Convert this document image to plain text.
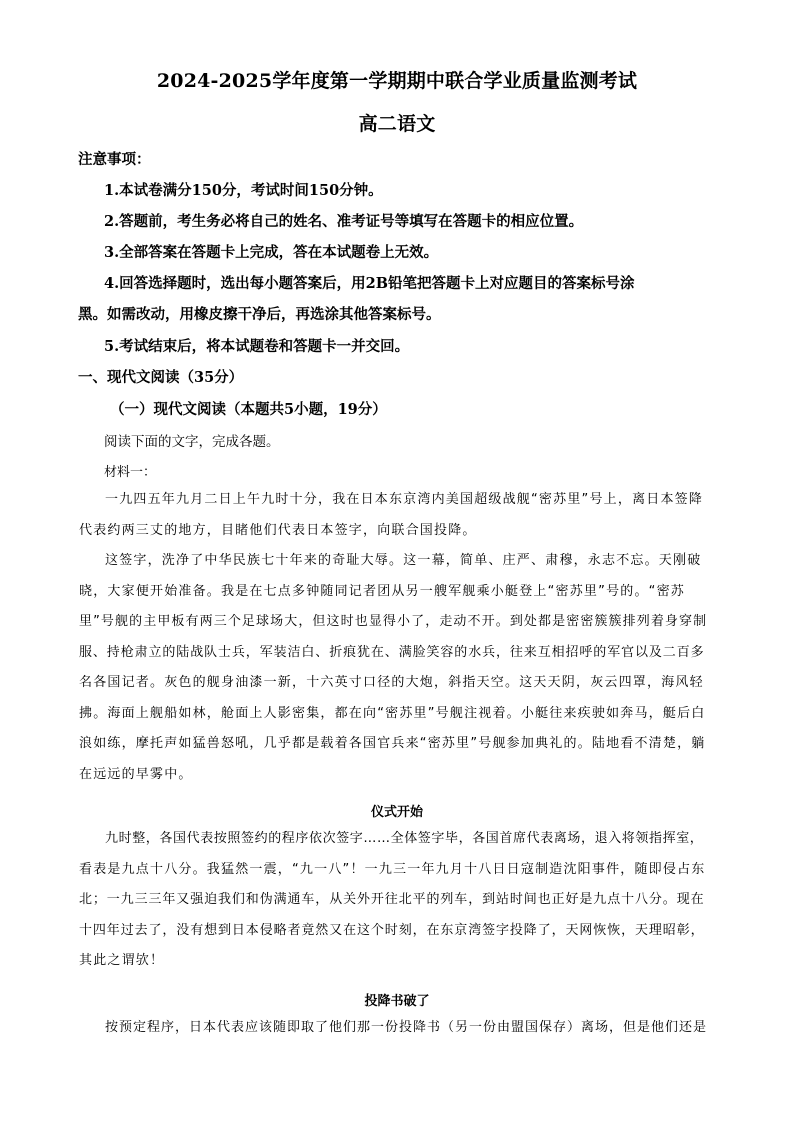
2024-2025学年度第一学期期中联合学业质量监测考试
高二语文
注意事项：
1.本试卷满分150分，考试时间150分钟。
2.答题前，考生务必将自己的姓名、准考证号等填写在答题卡的相应位置。
3.全部答案在答题卡上完成，答在本试题卷上无效。
4.回答选择题时，选出每小题答案后，用2B铅笔把答题卡上对应题目的答案标号涂
黑。如需改动，用橡皮擦干净后，再选涂其他答案标号。
5.考试结束后，将本试题卷和答题卡一并交回。
一、现代文阅读（35分）
（一）现代文阅读（本题共5小题，19分）
阅读下面的文字，完成各题。
材料一：
一九四五年九月二日上午九时十分，我在日本东京湾内美国超级战舰“密苏里”号上，离日本签降
代表约两三丈的地方，目睹他们代表日本签字，向联合国投降。
这签字，洗净了中华民族七十年来的奇耻大辱。这一幕，简单、庄严、肃穆，永志不忘。天刚破
晓，大家便开始准备。我是在七点多钟随同记者团从另一艘军舰乘小艇登上“密苏里”号的。“密苏
里”号舰的主甲板有两三个足球场大，但这时也显得小了，走动不开。到处都是密密簇簇排列着身穿制
服、持枪肃立的陆战队士兵，军装洁白、折痕犹在、满脸笑容的水兵，往来互相招呼的军官以及二百多
名各国记者。灰色的舰身油漆一新，十六英寸口径的大炮，斜指天空。这天天阴，灰云四罩，海风轻
拂。海面上舰船如林，舱面上人影密集，都在向“密苏里”号舰注视着。小艇往来疾驶如奔马，艇后白
浪如练，摩托声如猛兽怒吼，几乎都是载着各国官兵来“密苏里”号舰参加典礼的。陆地看不清楚，躺
在远远的早雾中。
仪式开始
九时整，各国代表按照签约的程序依次签字……全体签字毕，各国首席代表离场，退入将领指挥室，
看表是九点十八分。我猛然一震，“九一八”！一九三一年九月十八日日寇制造沈阳事件，随即侵占东
北；一九三三年又强迫我们和伪满通车，从关外开往北平的列车，到站时间也正好是九点十八分。现在
十四年过去了，没有想到日本侵略者竟然又在这个时刻，在东京湾签字投降了，天网恢恢，天理昭彰，
其此之谓欤！
投降书破了
按预定程序，日本代表应该随即取了他们那一份投降书（另一份由盟国保存）离场，但是他们还是
